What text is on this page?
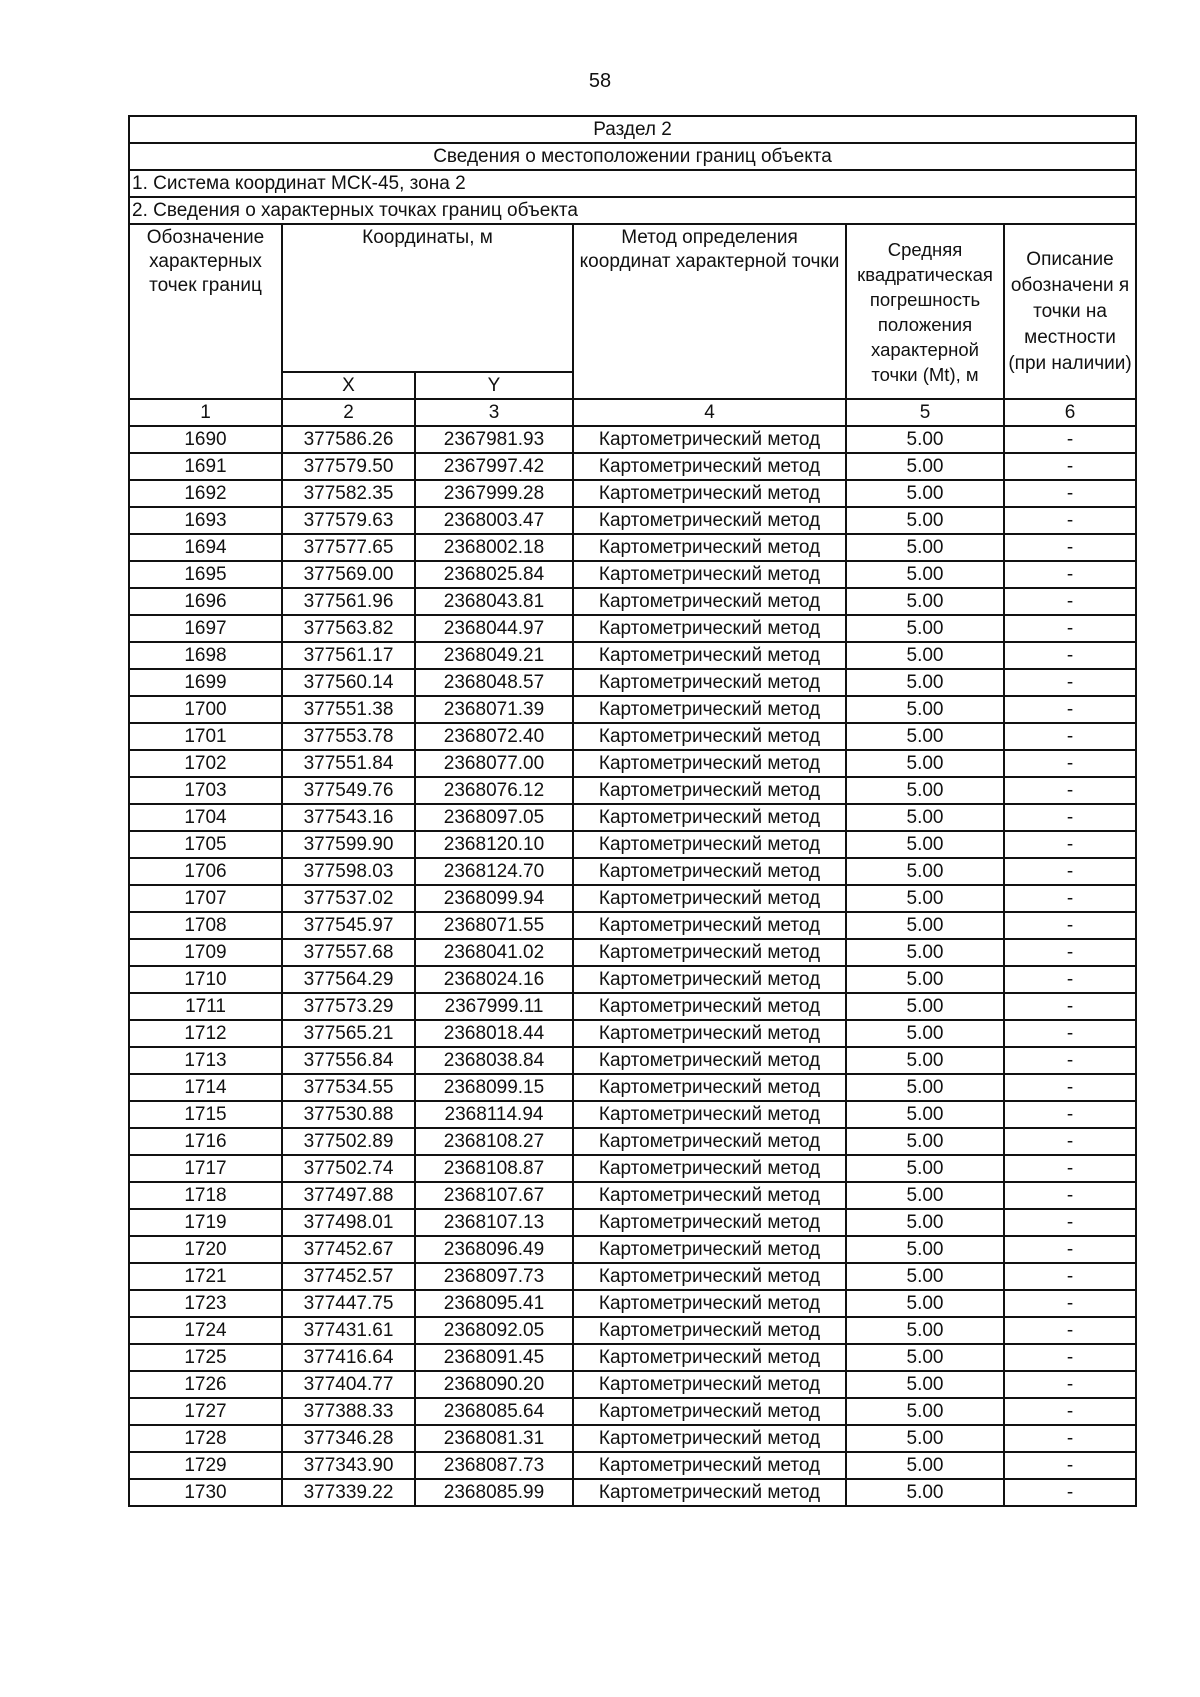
58
Раздел 2					
Сведения о местоположении границ объекта					
1. Система координат МСК-45, зона 2					
2. Сведения о характерных точках границ объекта					
Обозначение характерных точек границ	Координаты, м		Метод определения координат характерной точки	Средняя квадратическая погрешность положения характерной точки (Mt), м	Описание обозначени я точки на местности (при наличии)
	X	Y			
1	2	3	4	5	6
1690	377586.26	2367981.93	Картометрический метод	5.00	-
1691	377579.50	2367997.42	Картометрический метод	5.00	-
1692	377582.35	2367999.28	Картометрический метод	5.00	-
1693	377579.63	2368003.47	Картометрический метод	5.00	-
1694	377577.65	2368002.18	Картометрический метод	5.00	-
1695	377569.00	2368025.84	Картометрический метод	5.00	-
1696	377561.96	2368043.81	Картометрический метод	5.00	-
1697	377563.82	2368044.97	Картометрический метод	5.00	-
1698	377561.17	2368049.21	Картометрический метод	5.00	-
1699	377560.14	2368048.57	Картометрический метод	5.00	-
1700	377551.38	2368071.39	Картометрический метод	5.00	-
1701	377553.78	2368072.40	Картометрический метод	5.00	-
1702	377551.84	2368077.00	Картометрический метод	5.00	-
1703	377549.76	2368076.12	Картометрический метод	5.00	-
1704	377543.16	2368097.05	Картометрический метод	5.00	-
1705	377599.90	2368120.10	Картометрический метод	5.00	-
1706	377598.03	2368124.70	Картометрический метод	5.00	-
1707	377537.02	2368099.94	Картометрический метод	5.00	-
1708	377545.97	2368071.55	Картометрический метод	5.00	-
1709	377557.68	2368041.02	Картометрический метод	5.00	-
1710	377564.29	2368024.16	Картометрический метод	5.00	-
1711	377573.29	2367999.11	Картометрический метод	5.00	-
1712	377565.21	2368018.44	Картометрический метод	5.00	-
1713	377556.84	2368038.84	Картометрический метод	5.00	-
1714	377534.55	2368099.15	Картометрический метод	5.00	-
1715	377530.88	2368114.94	Картометрический метод	5.00	-
1716	377502.89	2368108.27	Картометрический метод	5.00	-
1717	377502.74	2368108.87	Картометрический метод	5.00	-
1718	377497.88	2368107.67	Картометрический метод	5.00	-
1719	377498.01	2368107.13	Картометрический метод	5.00	-
1720	377452.67	2368096.49	Картометрический метод	5.00	-
1721	377452.57	2368097.73	Картометрический метод	5.00	-
1723	377447.75	2368095.41	Картометрический метод	5.00	-
1724	377431.61	2368092.05	Картометрический метод	5.00	-
1725	377416.64	2368091.45	Картометрический метод	5.00	-
1726	377404.77	2368090.20	Картометрический метод	5.00	-
1727	377388.33	2368085.64	Картометрический метод	5.00	-
1728	377346.28	2368081.31	Картометрический метод	5.00	-
1729	377343.90	2368087.73	Картометрический метод	5.00	-
1730	377339.22	2368085.99	Картометрический метод	5.00	-
